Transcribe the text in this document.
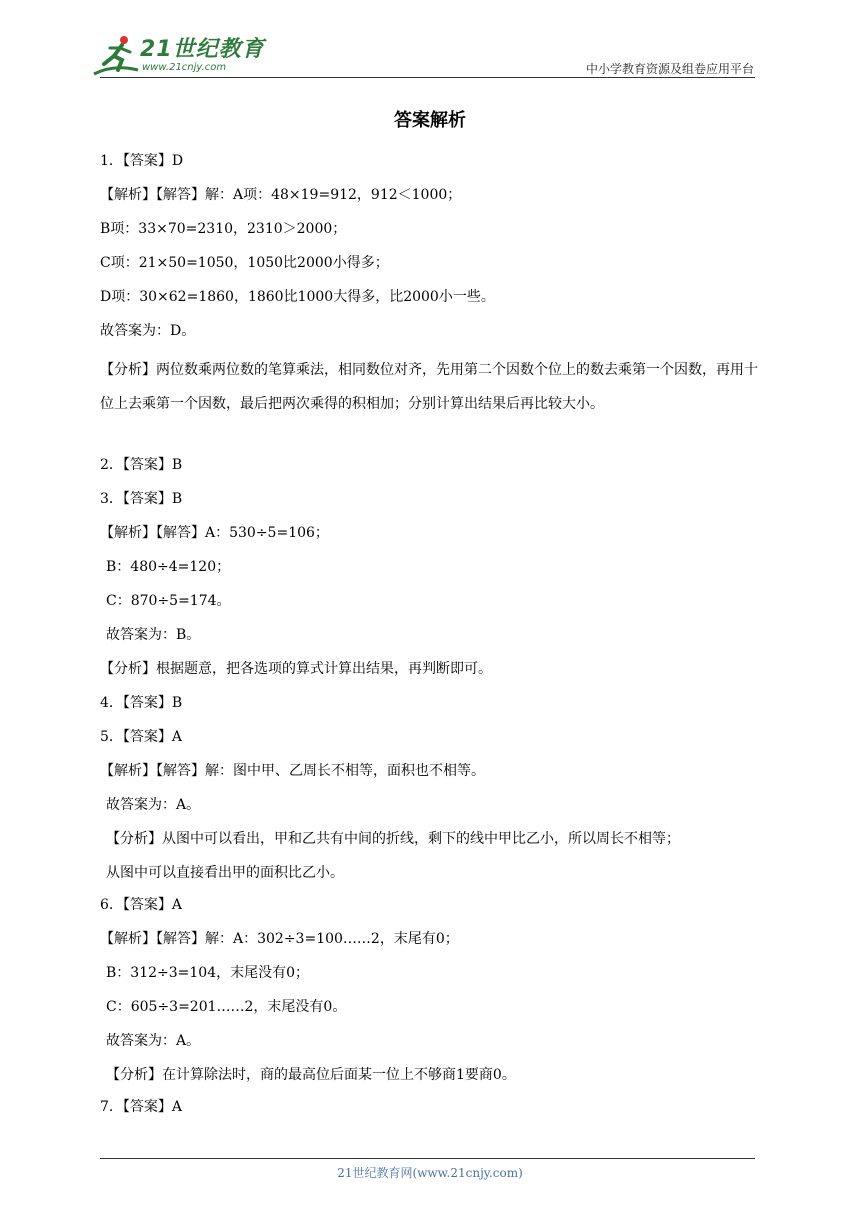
21世纪教育
www.21cnjy.com	中小学教育资源及组卷应用平台
答案解析
1．【答案】D
【解析】【解答】解：A项：48×19=912，912＜1000；
B项：33×70=2310，2310＞2000；
C项：21×50=1050，1050比2000小得多；
D项：30×62=1860，1860比1000大得多，比2000小一些。
故答案为：D。
【分析】两位数乘两位数的笔算乘法，相同数位对齐，先用第二个因数个位上的数去乘第一个因数，再用十位上去乘第一个因数，最后把两次乘得的积相加；分别计算出结果后再比较大小。
2．【答案】B
3．【答案】B
【解析】【解答】A：530÷5=106；
B：480÷4=120；
C：870÷5=174。
故答案为：B。
【分析】根据题意，把各选项的算式计算出结果，再判断即可。
4．【答案】B
5．【答案】A
【解析】【解答】解：图中甲、乙周长不相等，面积也不相等。
故答案为：A。
【分析】从图中可以看出，甲和乙共有中间的折线，剩下的线中甲比乙小，所以周长不相等；
从图中可以直接看出甲的面积比乙小。
6．【答案】A
【解析】【解答】解：A：302÷3=100……2，末尾有0；
B：312÷3=104，末尾没有0；
C：605÷3=201……2，末尾没有0。
故答案为：A。
【分析】在计算除法时，商的最高位后面某一位上不够商1要商0。
7．【答案】A
21世纪教育网(www.21cnjy.com)
